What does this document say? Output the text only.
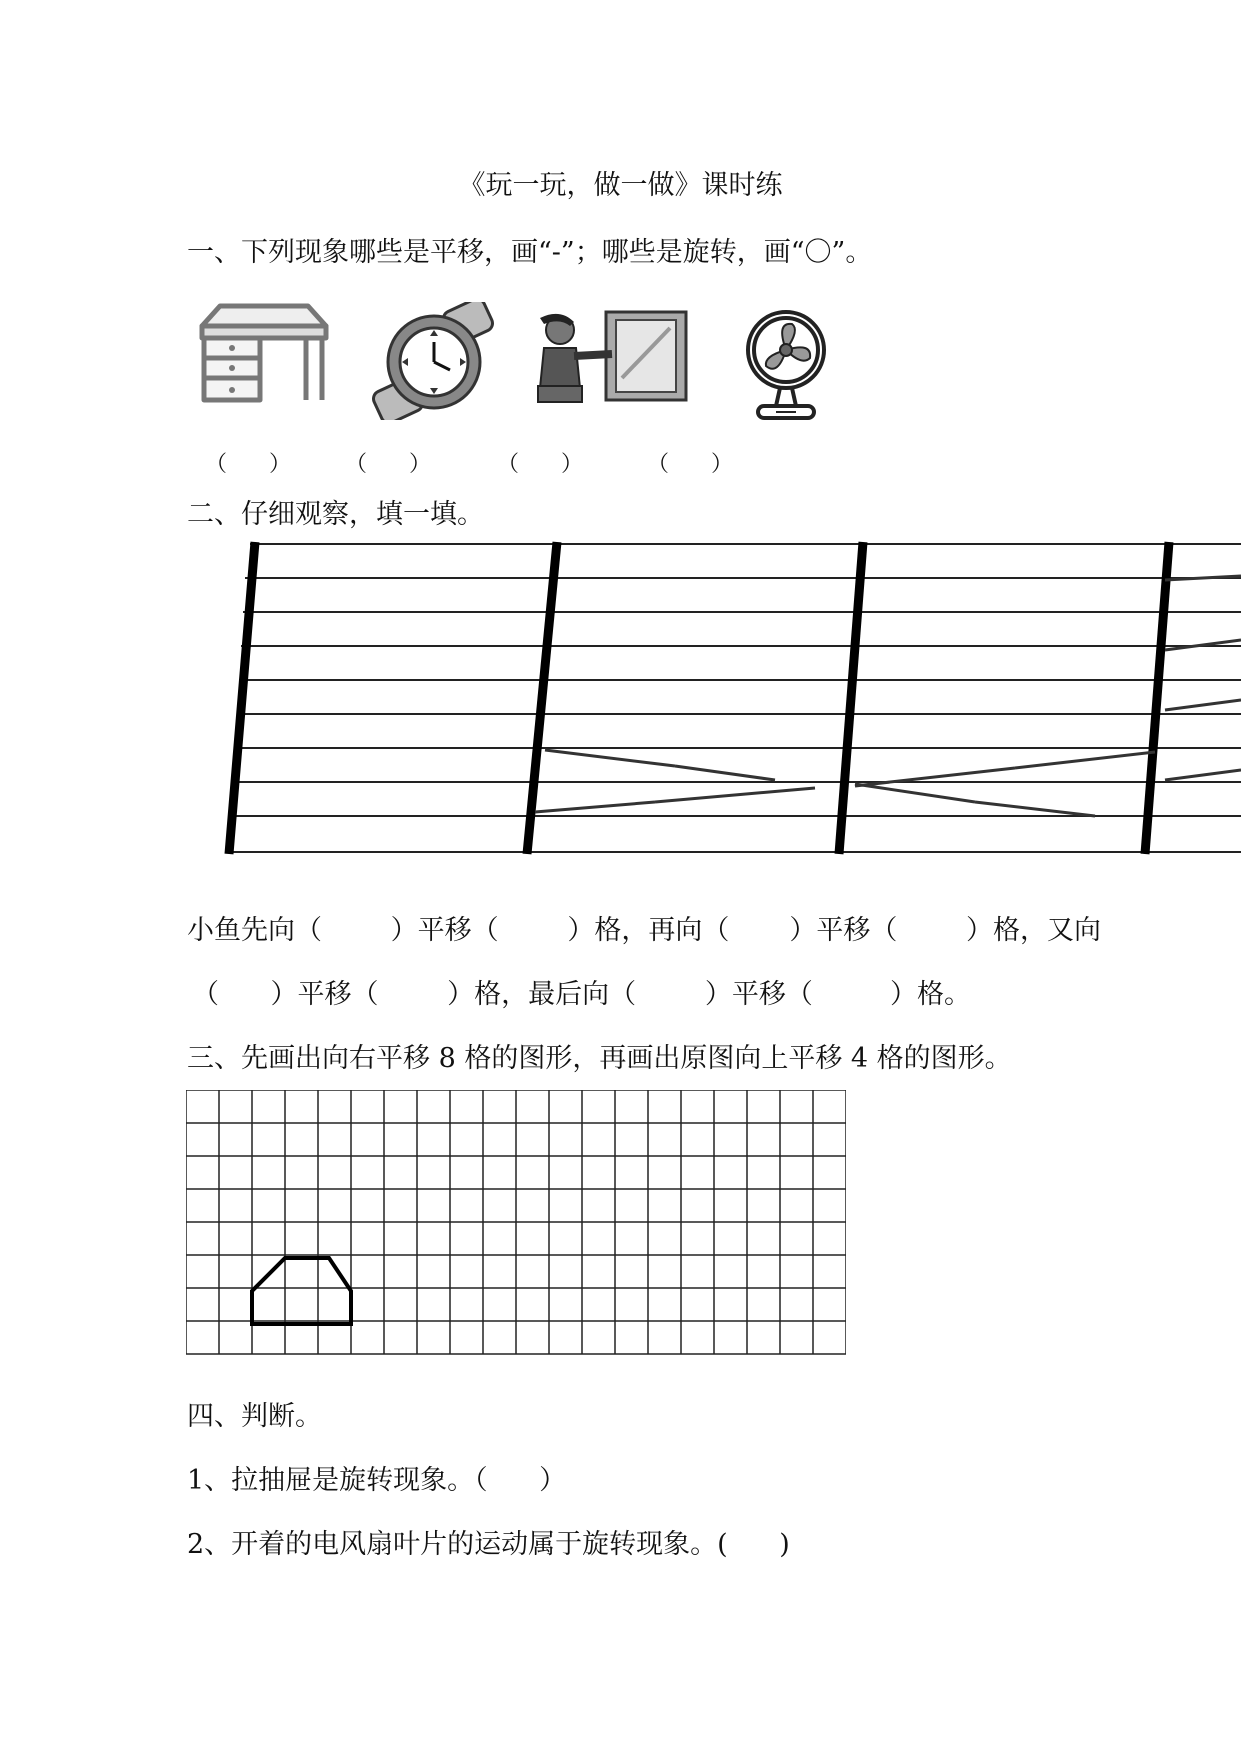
《玩一玩，做一做》课时练
一、下列现象哪些是平移，画“-”；哪些是旋转，画“〇”。
（      ） （      ）	（      ）	（      ）
二、仔细观察，填一填。
小鱼先向（        ）平移（        ）格，再向（       ）平移（        ）格，又向
（      ）平移（        ）格，最后向（        ）平移（         ）格。
三、先画出向右平移 8 格的图形，再画出原图向上平移 4 格的图形。
四、判断。
1、拉抽屉是旋转现象。（      ）
2、开着的电风扇叶片的运动属于旋转现象。(      )
